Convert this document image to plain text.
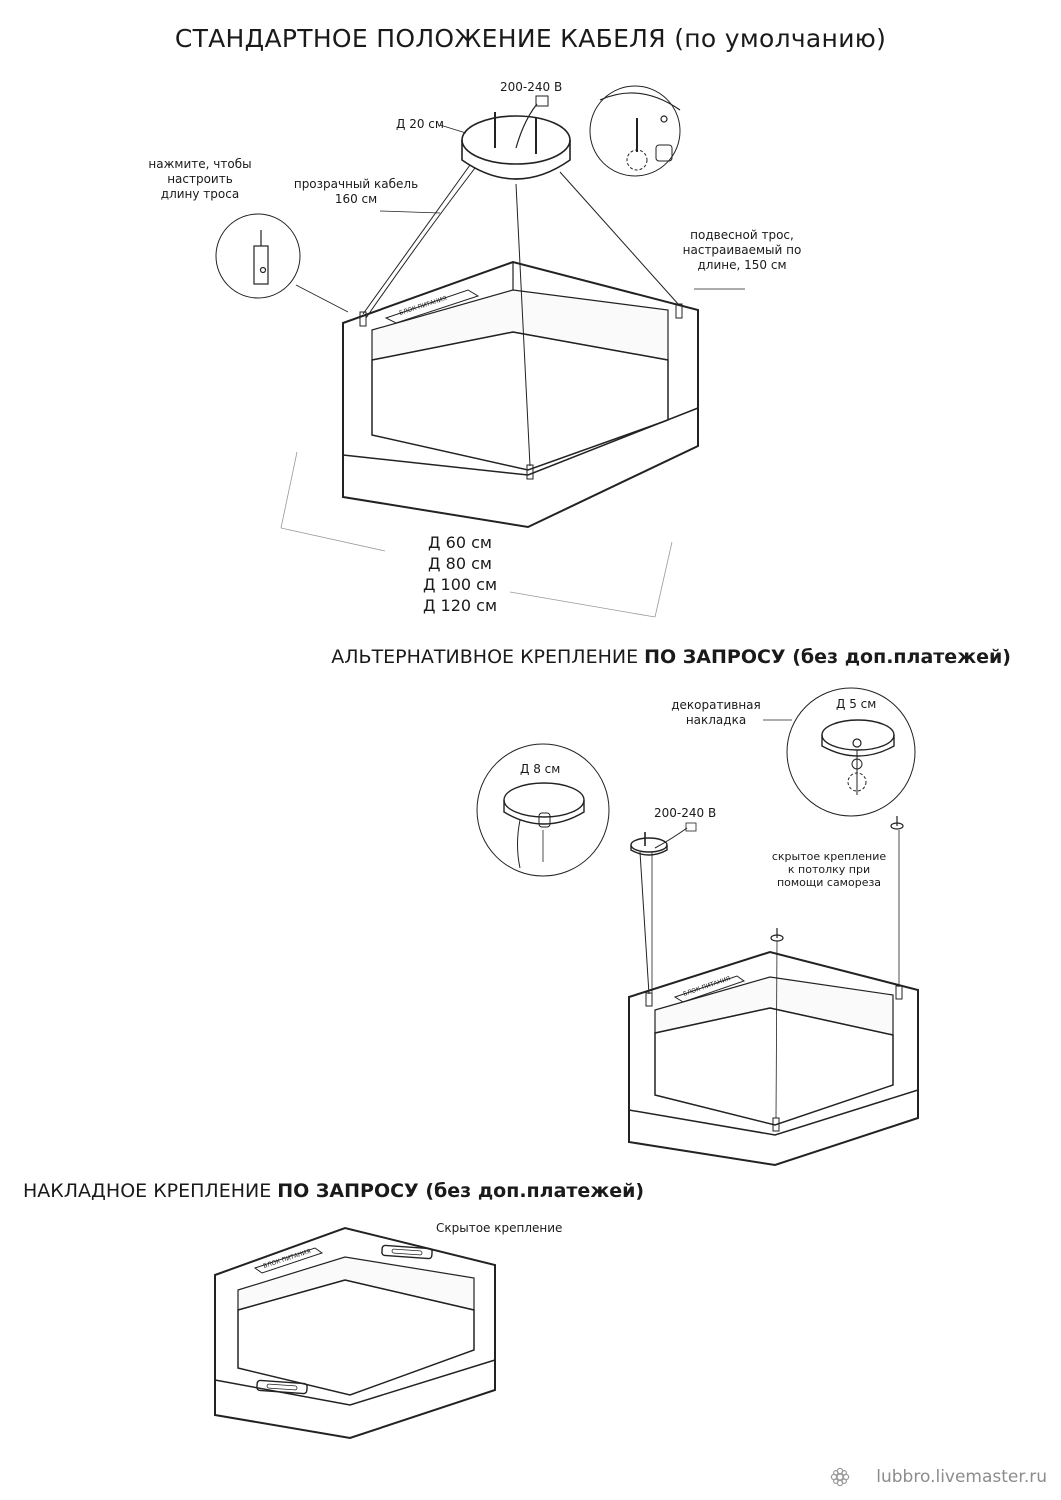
СТАНДАРТНОЕ ПОЛОЖЕНИЕ КАБЕЛЯ (по умолчанию)
АЛЬТЕРНАТИВНОЕ КРЕПЛЕНИЕ ПО ЗАПРОСУ (без доп.платежей)
НАКЛАДНОЕ КРЕПЛЕНИЕ ПО ЗАПРОСУ (без доп.платежей)
БЛОК ПИТАНИЯ
БЛОК ПИТАНИЯ
БЛОК ПИТАНИЯ
200-240 В
Д 20 см
нажмите, чтобы
настроить
длину троса
прозрачный кабель
160 см
подвесной трос,
настраиваемый по
длине, 150 см
Д 60 см
Д 80 см
Д 100 см
Д 120 см
Д 8 см
200-240 В
декоративная
накладка
Д 5 см
скрытое крепление
к потолку при
помощи самореза
Скрытое крепление
lubbro.livemaster.ru
